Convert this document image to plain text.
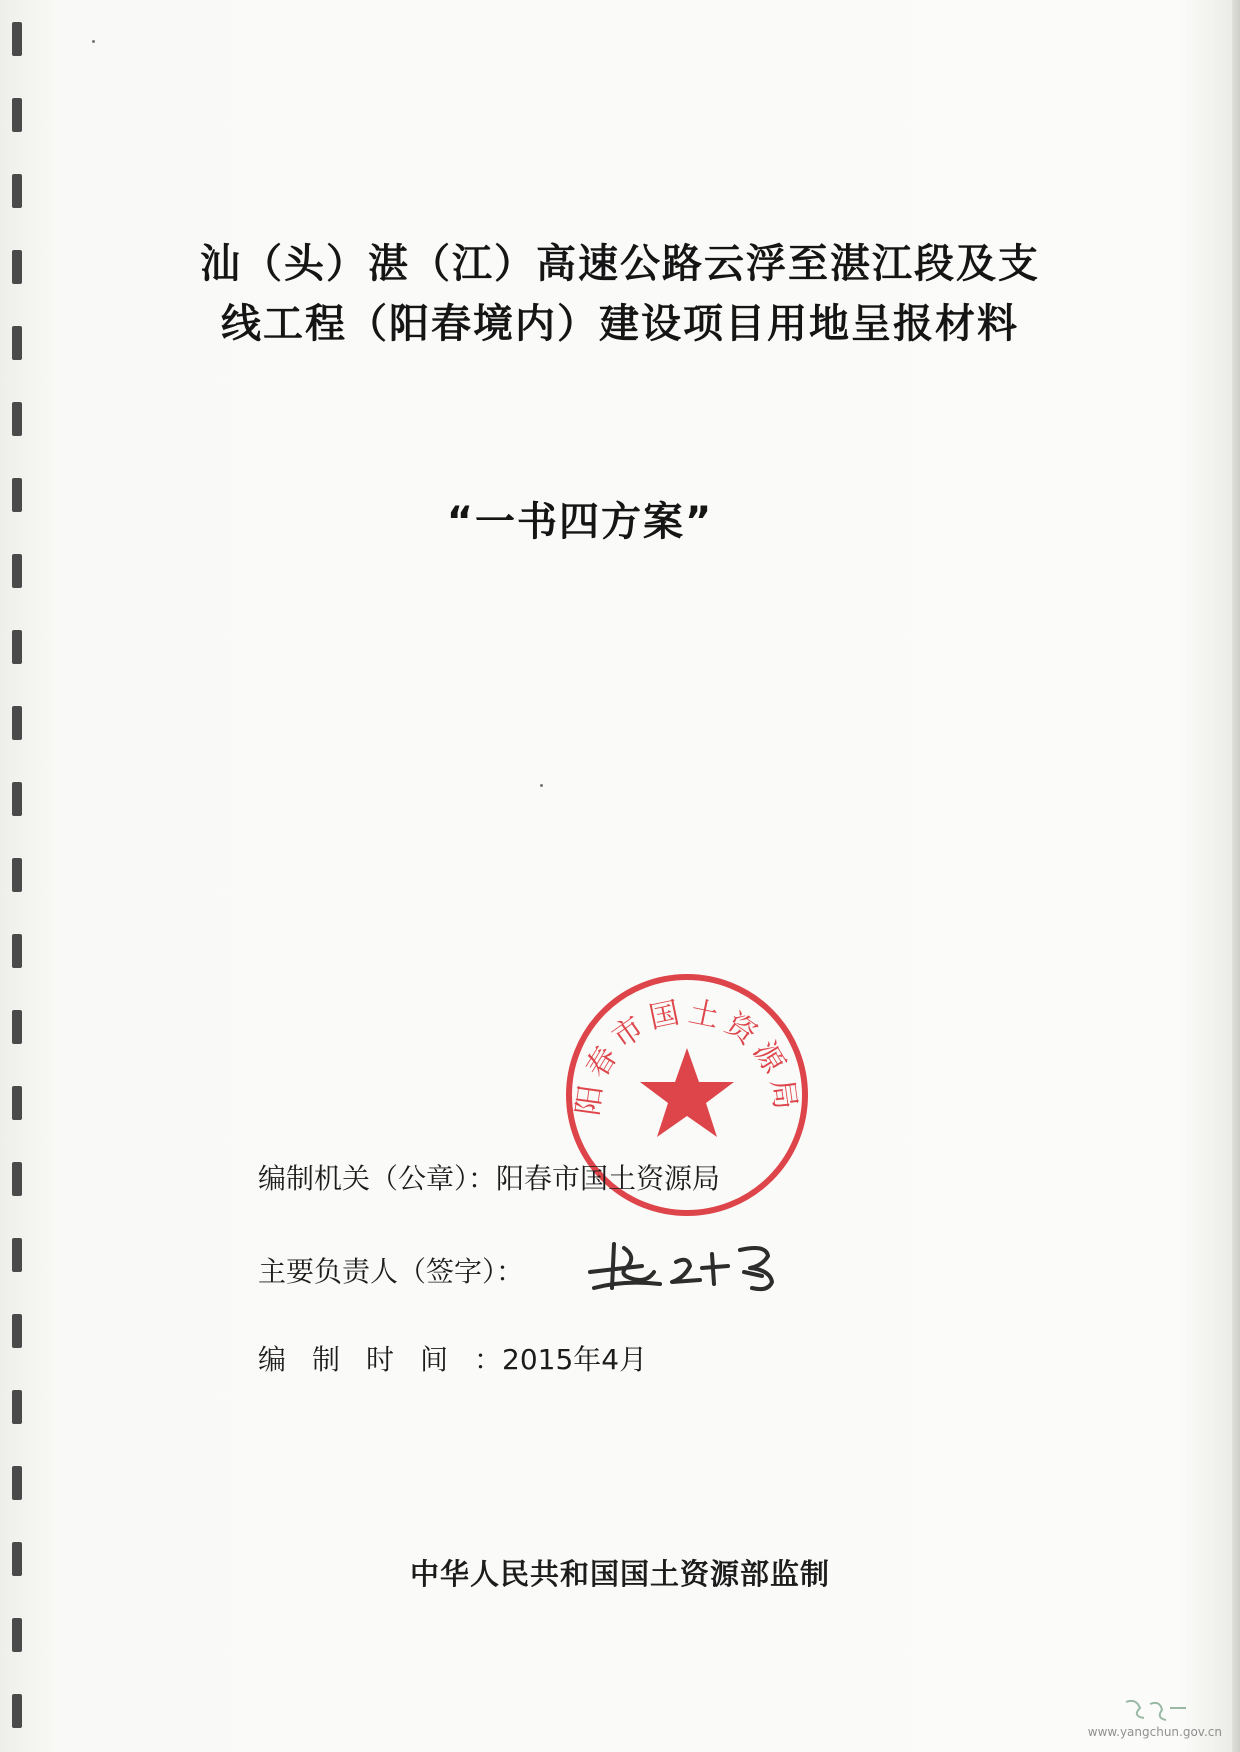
汕（头）湛（江）高速公路云浮至湛江段及支
线工程（阳春境内）建设项目用地呈报材料
“一书四方案”
阳春市国土资源局
编制机关（公章）：阳春市国土资源局
主要负责人（签字）：
编制时间：2015年4月
中华人民共和国国土资源部监制
www.yangchun.gov.cn
